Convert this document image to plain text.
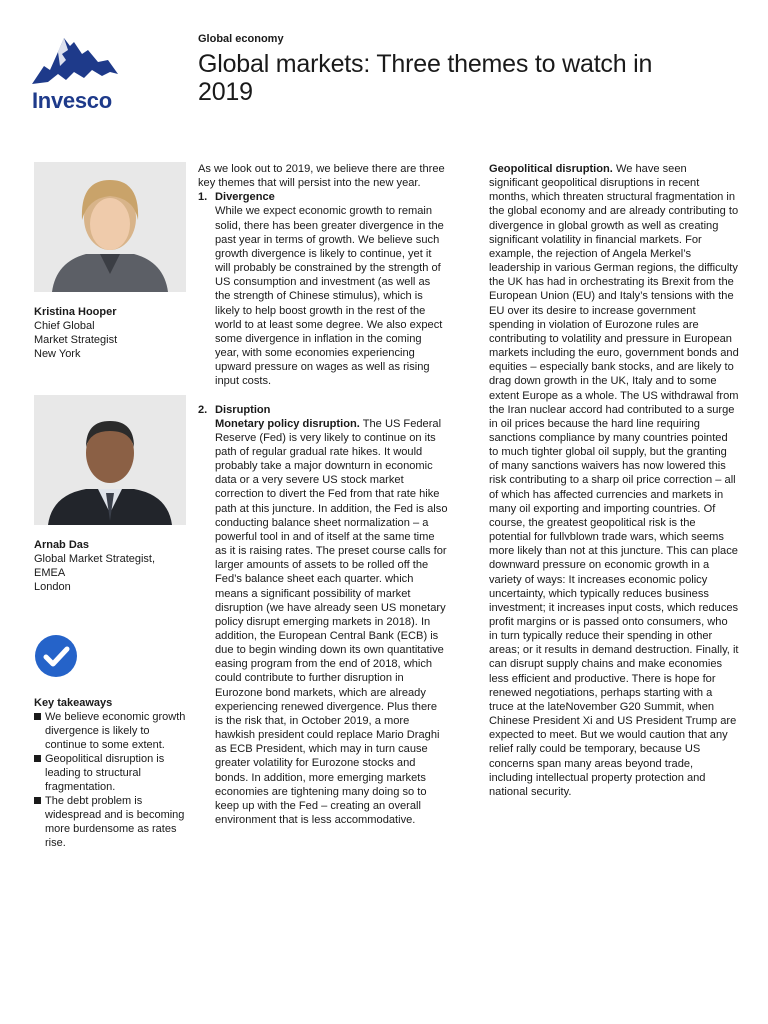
Invesco
Global economy
Global markets: Three themes to watch in 2019
Kristina Hooper
Chief Global
Market Strategist
New York
Arnab Das
Global Market Strategist,
EMEA
London
Key takeaways
We believe economic growth divergence is likely to continue to some extent.
Geopolitical disruption is leading to structural fragmentation.
The debt problem is widespread and is becoming more burdensome as rates rise.

As we look out to 2019, we believe there are three key themes that will persist into the new year.

1. Divergence

While we expect economic growth to remain solid, there has been greater divergence in the past year in terms of growth. We believe such growth divergence is likely to continue, yet it will probably be constrained by the strength of US consumption and investment (as well as the strength of Chinese stimulus), which is likely to help boost growth in the rest of the world to at least some degree. We also expect some divergence in inflation in the coming year, with some economies experiencing upward pressure on wages as well as rising input costs.

2. Disruption

Monetary policy disruption. The US Federal Reserve (Fed) is very likely to continue on its path of regular gradual rate hikes. It would probably take a major downturn in economic data or a very severe US stock market correction to divert the Fed from that rate hike path at this juncture. In addition, the Fed is also conducting balance sheet normalization – a powerful tool in and of itself at the same time as it is raising rates. The preset course calls for larger amounts of assets to be rolled off the Fed’s balance sheet each quarter. which means a significant possibility of market disruption (we have already seen US monetary policy disrupt emerging markets in 2018). In addition, the European Central Bank (ECB) is due to begin winding down its own quantitative easing program from the end of 2018, which could contribute to further disruption in Eurozone bond markets, which are already experiencing renewed divergence. Plus there is the risk that, in October 2019, a more hawkish president could replace Mario Draghi as ECB President, which may in turn cause greater volatility for Eurozone stocks and bonds. In addition, more emerging markets economies are tightening many doing so to keep up with the Fed – creating an overall environment that is less accommodative.

Geopolitical disruption. We have seen significant geopolitical disruptions in recent months, which threaten structural fragmentation in the global economy and are already contributing to divergence in global growth as well as creating significant volatility in financial markets. For example, the rejection of Angela Merkel’s leadership in various German regions, the difficulty the UK has had in orchestrating its Brexit from the European Union (EU) and Italy’s tensions with the EU over its desire to increase government spending in violation of Eurozone rules are contributing to volatility and pressure in European markets including the euro, government bonds and equities – especially bank stocks, and are likely to drag down growth in the UK, Italy and to some extent Europe as a whole. The US withdrawal from the Iran nuclear accord had contributed to a surge in oil prices because the hard line requiring sanctions compliance by many countries pointed to much tighter global oil supply, but the granting of many sanctions waivers has now lowered this risk contributing to a sharp oil price correction – all of which has affected currencies and markets in many oil exporting and importing countries. Of course, the greatest geopolitical risk is the potential for fullvblown trade wars, which seems more likely than not at this juncture. This can place downward pressure on economic growth in a variety of ways: It increases economic policy uncertainty, which typically reduces business investment; it increases input costs, which reduces profit margins or is passed onto consumers, who in turn typically reduce their spending in other areas; or it results in demand destruction. Finally, it can disrupt supply chains and make economies less efficient and productive. There is hope for renewed negotiations, perhaps starting with a truce at the lateNovember G20 Summit, when Chinese President Xi and US President Trump are expected to meet. But we would caution that any relief rally could be temporary, because US concerns span many areas beyond trade, including intellectual property protection and national security.
